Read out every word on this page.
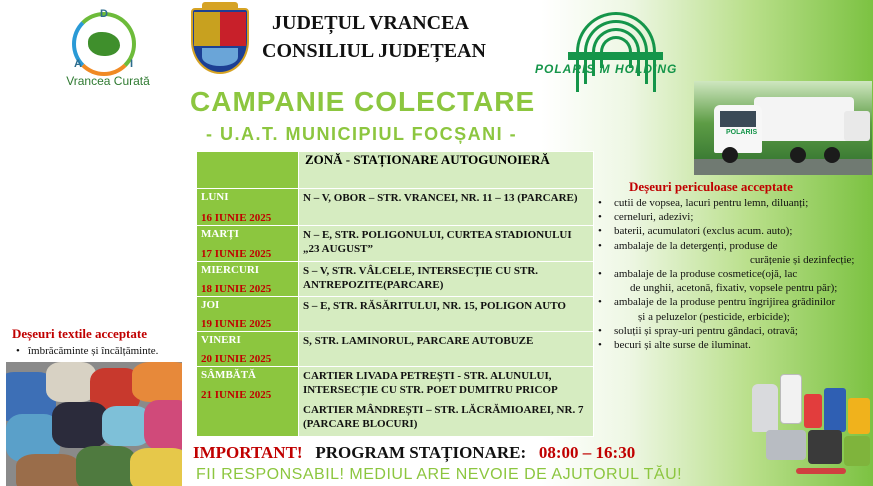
D
A	I
Vrancea Curată
JUDEȚUL VRANCEA
CONSILIUL JUDEȚEAN
POLARIS M HOLDING
CAMPANIE COLECTARE
- U.A.T. MUNICIPIUL FOCȘANI -
	ZONĂ - STAȚIONARE AUTOGUNOIERĂ

LUNI
16 IUNIE 2025	N – V, OBOR – STR. VRANCEI, NR. 11 – 13 (PARCARE)

MARȚI
17 IUNIE 2025	N – E, STR. POLIGONULUI, CURTEA STADIONULUI „23 AUGUST”

MIERCURI
18 IUNIE 2025	S – V, STR. VÂLCELE, INTERSECȚIE CU STR. ANTREPOZITE(PARCARE)

JOI
19 IUNIE 2025	S – E, STR. RĂSĂRITULUI, NR. 15, POLIGON AUTO

VINERI
20 IUNIE 2025	S, STR. LAMINORUL, PARCARE AUTOBUZE

SÂMBĂTĂ
21 IUNIE 2025	CARTIER LIVADA PETREȘTI - STR. ALUNULUI, INTERSECȚIE CU STR. POET DUMITRU PRICOP
CARTIER MÂNDREȘTI – STR. LĂCRĂMIOAREI, NR. 7 (PARCARE BLOCURI)
IMPORTANT! PROGRAM STAȚIONARE: 08:00 – 16:30
FII RESPONSABIL! MEDIUL ARE NEVOIE DE AJUTORUL TĂU!
Deșeuri textile acceptate
• îmbrăcăminte și încălțăminte.
POLARIS
Deșeuri periculoase acceptate
• cutii de vopsea, lacuri pentru lemn, diluanți;
• cerneluri, adezivi;
• baterii, acumulatori (exclus acum. auto);
• ambalaje de la detergenți, produse de
curățenie și dezinfecție;
• ambalaje de la produse cosmetice(ojă, lac
de unghii, acetonă, fixativ, vopsele pentru păr);
• ambalaje de la produse pentru îngrijirea grădinilor
și a peluzelor (pesticide, erbicide);
• soluții și spray-uri pentru gândaci, otravă;
• becuri și alte surse de iluminat.
